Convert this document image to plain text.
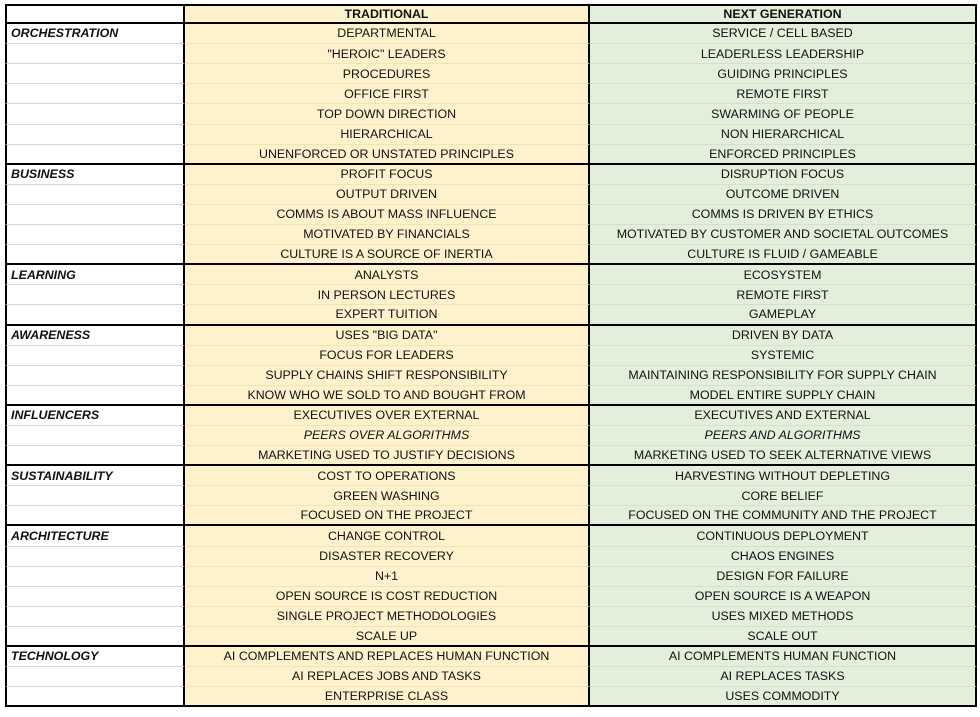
TRADITIONAL	NEXT GENERATION
ORCHESTRATION	DEPARTMENTAL	SERVICE / CELL BASED
"HEROIC" LEADERS	LEADERLESS LEADERSHIP
PROCEDURES	GUIDING PRINCIPLES
OFFICE FIRST	REMOTE FIRST
TOP DOWN DIRECTION	SWARMING OF PEOPLE
HIERARCHICAL	NON HIERARCHICAL
UNENFORCED OR UNSTATED PRINCIPLES	ENFORCED PRINCIPLES
BUSINESS	PROFIT FOCUS	DISRUPTION FOCUS
OUTPUT DRIVEN	OUTCOME DRIVEN
COMMS IS ABOUT MASS INFLUENCE	COMMS IS DRIVEN BY ETHICS
MOTIVATED BY FINANCIALS	MOTIVATED BY CUSTOMER AND SOCIETAL OUTCOMES
CULTURE IS A SOURCE OF INERTIA	CULTURE IS FLUID / GAMEABLE
LEARNING	ANALYSTS	ECOSYSTEM
IN PERSON LECTURES	REMOTE FIRST
EXPERT TUITION	GAMEPLAY
AWARENESS	USES "BIG DATA"	DRIVEN BY DATA
FOCUS FOR LEADERS	SYSTEMIC
SUPPLY CHAINS SHIFT RESPONSIBILITY	MAINTAINING RESPONSIBILITY FOR SUPPLY CHAIN
KNOW WHO WE SOLD TO AND BOUGHT FROM	MODEL ENTIRE SUPPLY CHAIN
INFLUENCERS	EXECUTIVES OVER EXTERNAL	EXECUTIVES AND EXTERNAL
PEERS OVER ALGORITHMS	PEERS AND ALGORITHMS
MARKETING USED TO JUSTIFY DECISIONS	MARKETING USED TO SEEK ALTERNATIVE VIEWS
SUSTAINABILITY	COST TO OPERATIONS	HARVESTING WITHOUT DEPLETING
GREEN WASHING	CORE BELIEF
FOCUSED ON THE PROJECT	FOCUSED ON THE COMMUNITY AND THE PROJECT
ARCHITECTURE	CHANGE CONTROL	CONTINUOUS DEPLOYMENT
DISASTER RECOVERY	CHAOS ENGINES
N+1	DESIGN FOR FAILURE
OPEN SOURCE IS COST REDUCTION	OPEN SOURCE IS A WEAPON
SINGLE PROJECT METHODOLOGIES	USES MIXED METHODS
SCALE UP	SCALE OUT
TECHNOLOGY	AI COMPLEMENTS AND REPLACES HUMAN FUNCTION	AI COMPLEMENTS HUMAN FUNCTION
AI REPLACES JOBS AND TASKS	AI REPLACES TASKS
ENTERPRISE CLASS	USES COMMODITY
